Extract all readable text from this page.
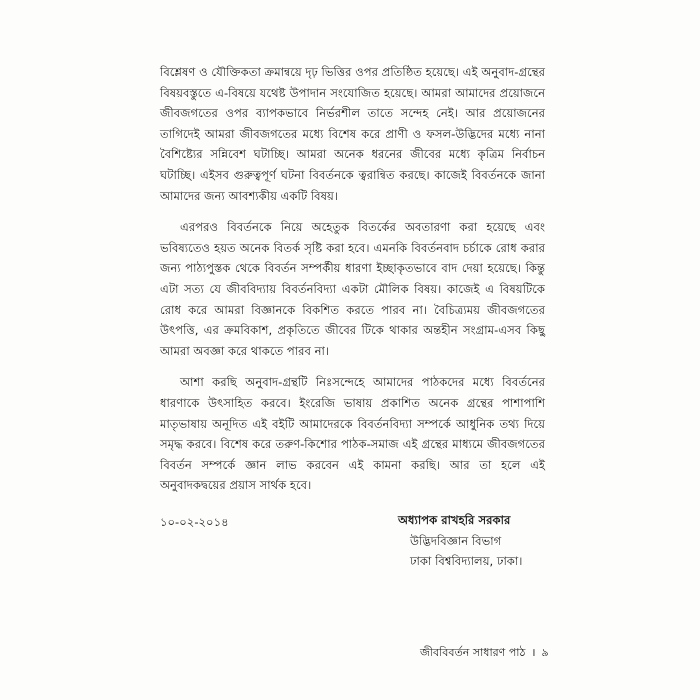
বিশ্লেষণ ও যৌক্তিকতা ক্রমান্বয়ে দৃঢ় ভিত্তির ওপর প্রতিষ্ঠিত হয়েছে। এই অনুবাদ-গ্রন্থের বিষয়বস্তুতে এ-বিষয়ে যথেষ্ট উপাদান সংযোজিত হয়েছে। আমরা আমাদের প্রয়োজনে জীবজগতের ওপর ব্যাপকভাবে নির্ভরশীল তাতে সন্দেহ নেই। আর প্রয়োজনের তাগিদেই আমরা জীবজগতের মধ্যে বিশেষ করে প্রাণী ও ফসল-উদ্ভিদের মধ্যে নানা বৈশিষ্ট্যের সন্নিবেশ ঘটাচ্ছি। আমরা অনেক ধরনের জীবের মধ্যে কৃত্রিম নির্বাচন ঘটাচ্ছি। এইসব গুরুত্বপূর্ণ ঘটনা বিবর্তনকে ত্বরান্বিত করছে। কাজেই বিবর্তনকে জানা আমাদের জন্য আবশ্যকীয় একটি বিষয়।

এরপরও বিবর্তনকে নিয়ে অহেতুক বিতর্কের অবতারণা করা হয়েছে এবং ভবিষ্যতেও হয়ত অনেক বিতর্ক সৃষ্টি করা হবে। এমনকি বিবর্তনবাদ চর্চাকে রোধ করার জন্য পাঠ্যপুস্তক থেকে বিবর্তন সম্পর্কীয় ধারণা ইচ্ছাকৃতভাবে বাদ দেয়া হয়েছে। কিন্তু এটা সত্য যে জীববিদ্যায় বিবর্তনবিদ্যা একটা মৌলিক বিষয়। কাজেই এ বিষয়টিকে রোধ করে আমরা বিজ্ঞানকে বিকশিত করতে পারব না। বৈচিত্র্যময় জীবজগতের উৎপত্তি, এর ক্রমবিকাশ, প্রকৃতিতে জীবের টিকে থাকার অন্তহীন সংগ্রাম-এসব কিছু আমরা অবজ্ঞা করে থাকতে পারব না।

আশা করছি অনুবাদ-গ্রন্থটি নিঃসন্দেহে আমাদের পাঠকদের মধ্যে বিবর্তনের ধারণাকে উৎসাহিত করবে। ইংরেজি ভাষায় প্রকাশিত অনেক গ্রন্থের পাশাপাশি মাতৃভাষায় অনূদিত এই বইটি আমাদেরকে বিবর্তনবিদ্যা সম্পর্কে আধুনিক তথ্য দিয়ে সমৃদ্ধ করবে। বিশেষ করে তরুণ-কিশোর পাঠক-সমাজ এই গ্রন্থের মাধ্যমে জীবজগতের বিবর্তন সম্পর্কে জ্ঞান লাভ করবেন এই কামনা করছি। আর তা হলে এই অনুবাদকদ্বয়ের প্রয়াস সার্থক হবে।

১০-০২-২০১৪	অধ্যাপক রাখহরি সরকার
উদ্ভিদবিজ্ঞান বিভাগ
ঢাকা বিশ্ববিদ্যালয়, ঢাকা।
জীববিবর্তন সাধারণ পাঠ । ৯
